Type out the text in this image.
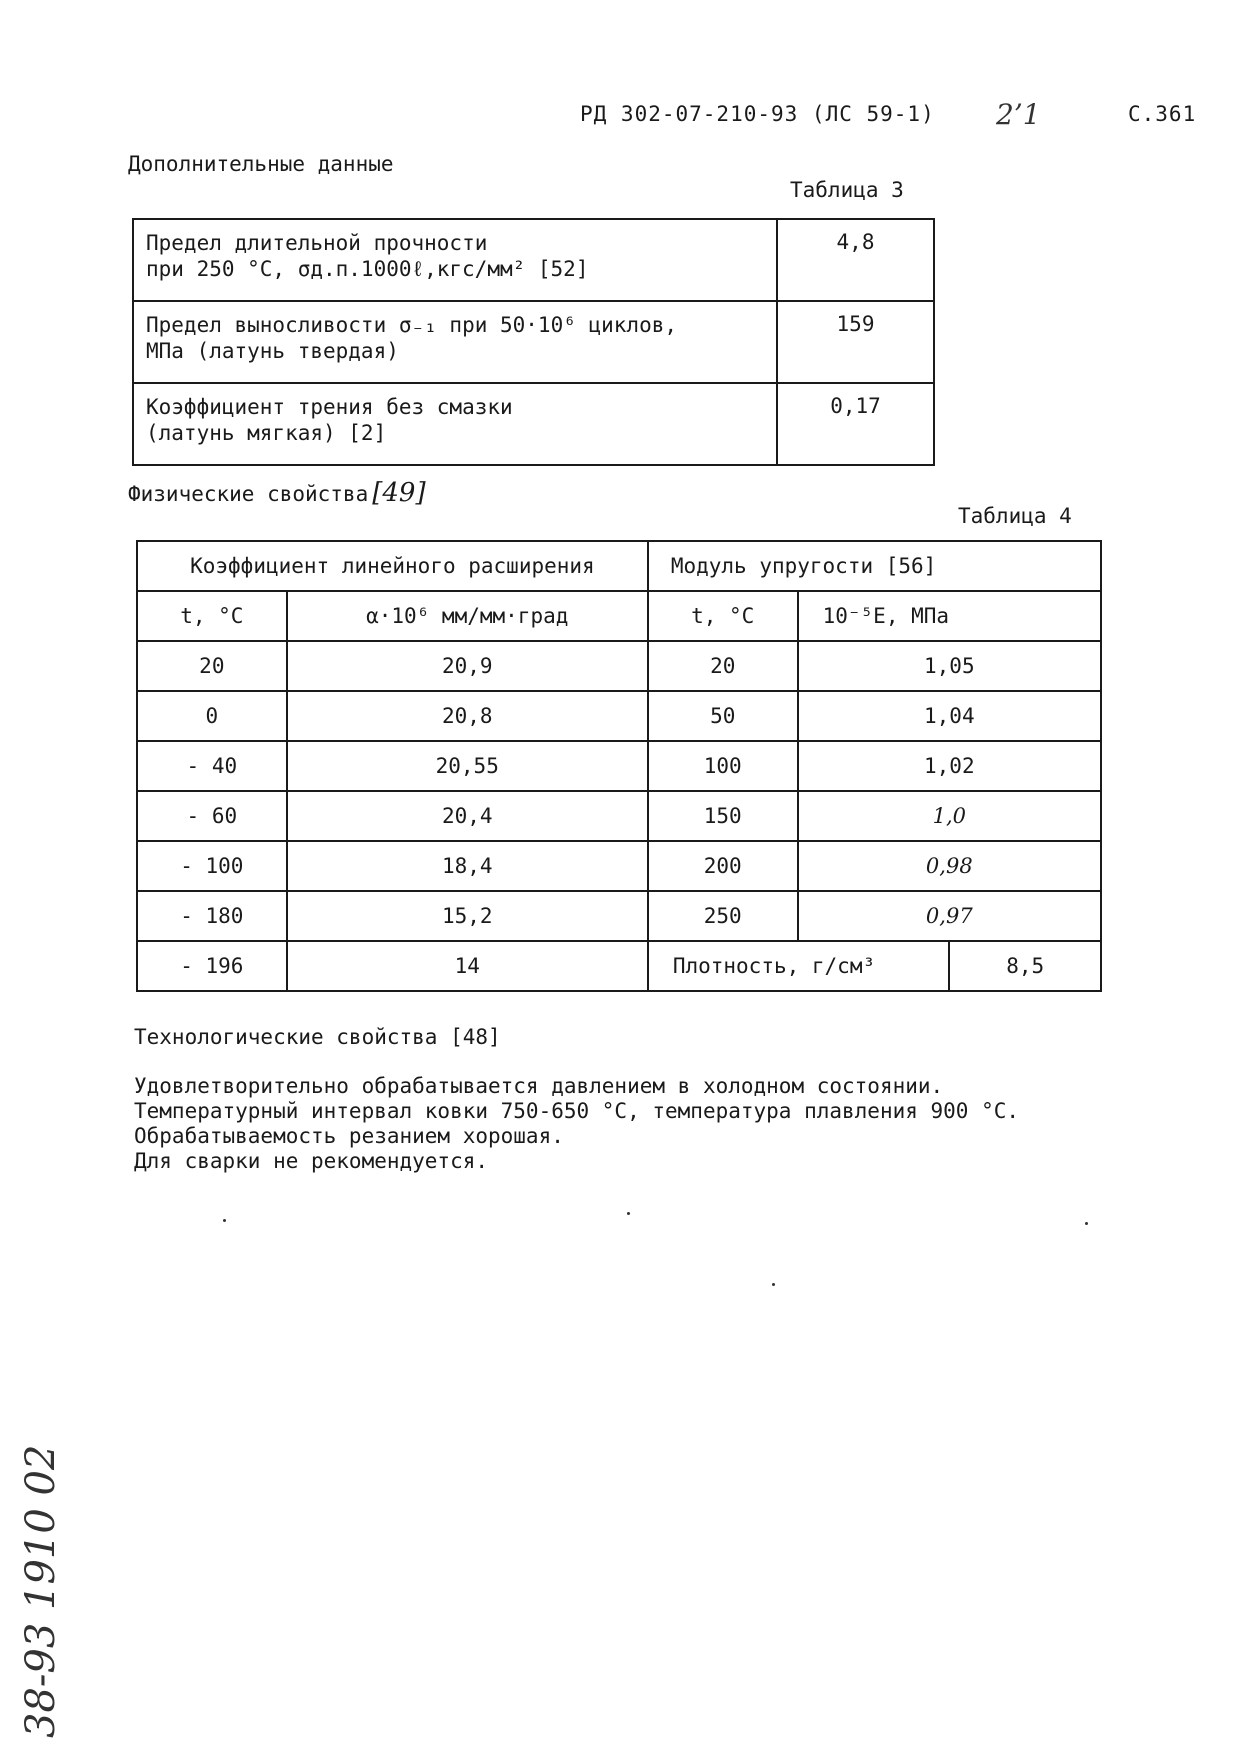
РД 302-07-210-93 (ЛС 59-1) 2’1	С.361
Дополнительные данные
Таблица 3
Предел длительной прочности
при 250 °С, σд.п.1000ℓ,кгс/мм² [52]	4,8

Предел выносливости σ₋₁ при 50·10⁶ циклов,
МПа (латунь твердая)	159

Коэффициент трения без смазки
(латунь мягкая) [2]	0,17
Физические свойства [49]
Таблица 4
Коэффициент линейного расширения		Модуль упругости [56]		
t, °С	α·10⁶ мм/мм·град	t, °С	10⁻⁵Е, МПа	
20	20,9	20	1,05	
0	20,8	50	1,04	
- 40	20,55	100	1,02	
- 60	20,4	150	1,0	
- 100	18,4	200	0,98	
- 180	15,2	250	0,97	
- 196	14	Плотность, г/см³		8,5
Технологические свойства [48]
Удовлетворительно обрабатывается давлением в холодном состоянии.
Температурный интервал ковки 750-650 °С, температура плавления 900 °С.
Обрабатываемость резанием хорошая.
Для сварки не рекомендуется.
38-93 1910 02
